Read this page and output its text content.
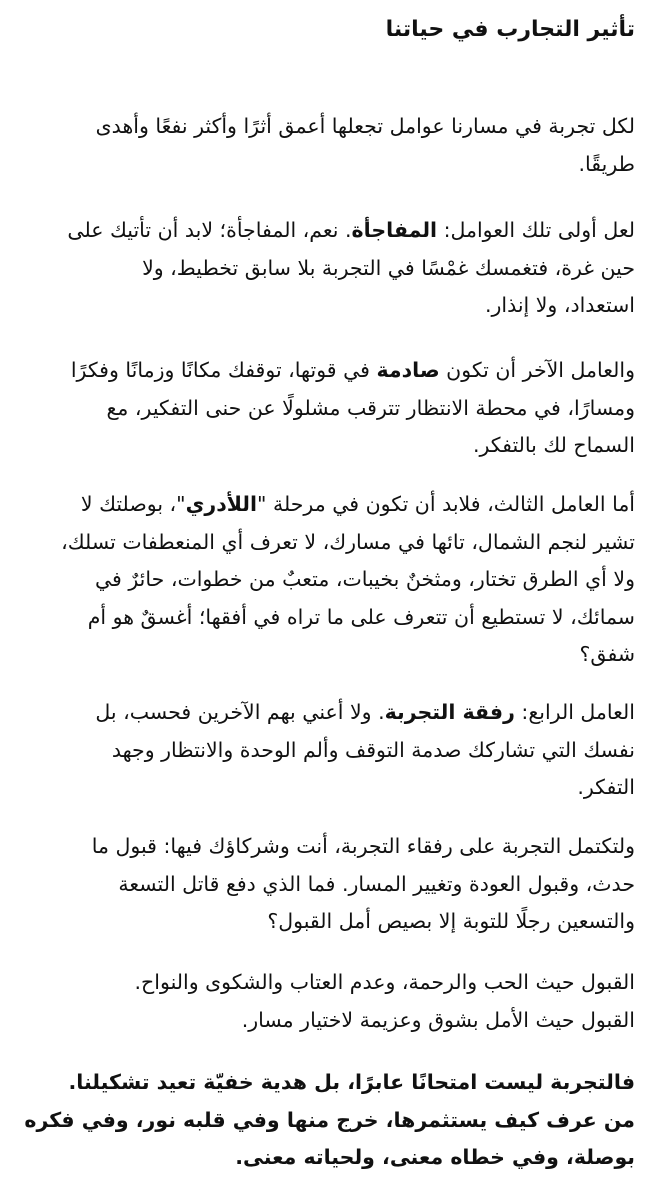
تأثير التجارب في حياتنا

لكل تجربة في مسارنا عوامل تجعلها أعمق أثرًا وأكثر نفعًا وأهدى
طريقًا.

لعل أولى تلك العوامل: المفاجأة. نعم، المفاجأة؛ لابد أن تأتيك على
حين غرة، فتغمسك غمْسًا في التجربة بلا سابق تخطيط، ولا
استعداد، ولا إنذار.

والعامل الآخر أن تكون صادمة في قوتها، توقفك مكانًا وزمانًا وفكرًا
ومسارًا، في محطة الانتظار تترقب مشلولًا عن حنى التفكير، مع
السماح لك بالتفكر.

أما العامل الثالث، فلابد أن تكون في مرحلة "اللأدري"، بوصلتك لا
تشير لنجم الشمال، تائها في مسارك، لا تعرف أي المنعطفات تسلك،
ولا أي الطرق تختار، ومثخنٌ بخيبات، متعبٌ من خطوات، حائرٌ في
سمائك، لا تستطيع أن تتعرف على ما تراه في أفقها؛ أغسقٌ هو أم
شفق؟

العامل الرابع: رفقة التجربة. ولا أعني بهم الآخرين فحسب، بل
نفسك التي تشاركك صدمة التوقف وألم الوحدة والانتظار وجهد
التفكر.

ولتكتمل التجربة على رفقاء التجربة، أنت وشركاؤك فيها: قبول ما
حدث، وقبول العودة وتغيير المسار. فما الذي دفع قاتل التسعة
والتسعين رجلًا للتوبة إلا بصيص أمل القبول؟

القبول حيث الحب والرحمة، وعدم العتاب والشكوى والنواح.
القبول حيث الأمل بشوق وعزيمة لاختيار مسار.

فالتجربة ليست امتحانًا عابرًا، بل هدية خفيّة تعيد تشكيلنا.
من عرف كيف يستثمرها، خرج منها وفي قلبه نور، وفي فكره
بوصلة، وفي خطاه معنى، ولحياته معنى.
